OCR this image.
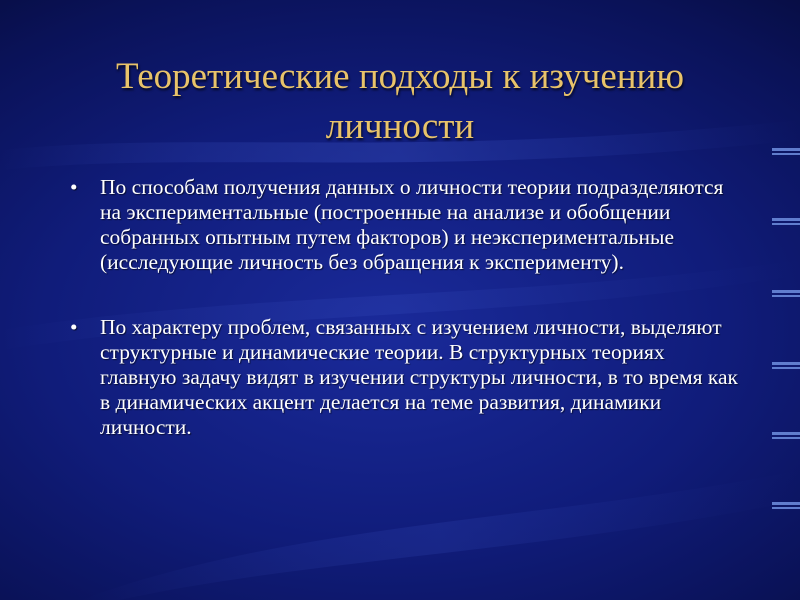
Теоретические подходы к изучению личности
• По способам получения данных о личности теории подразделяются на экспериментальные (построенные на анализе и обобщении собранных опытным путем факторов) и неэкспериментальные (исследующие личность без обращения к эксперименту).
• По характеру проблем, связанных с изучением личности, выделяют структурные и динамические теории. В структурных теориях главную задачу видят в изучении структуры личности, в то время как в динамических акцент делается на теме развития, динамики личности.
